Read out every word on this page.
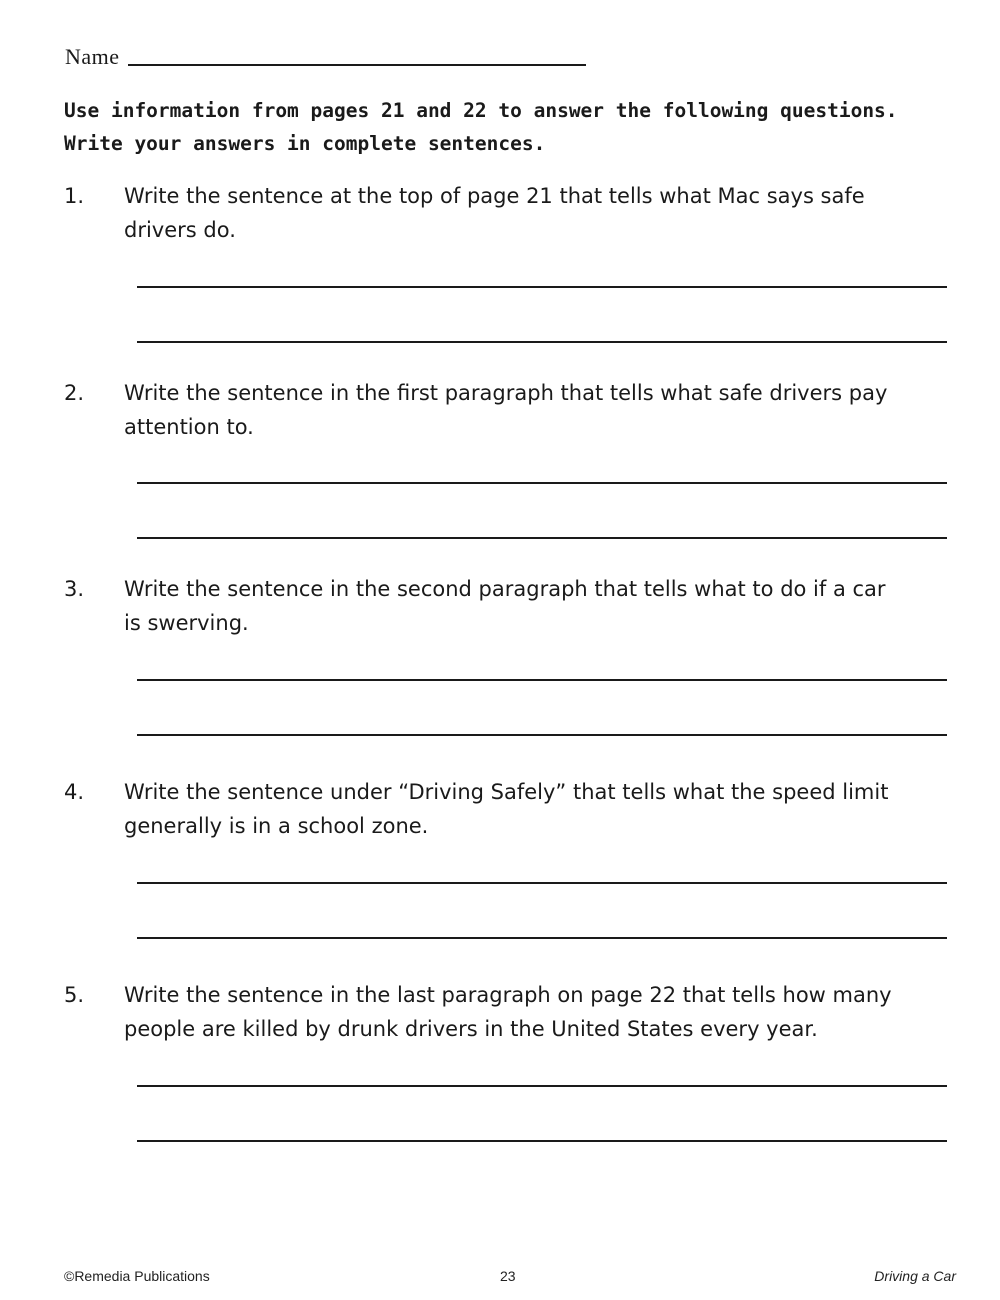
Name
Use information from pages 21 and 22 to answer the following questions.
Write your answers in complete sentences.
1. Write the sentence at the top of page 21 that tells what Mac says safe
drivers do.
2. Write the sentence in the first paragraph that tells what safe drivers pay
attention to.
3. Write the sentence in the second paragraph that tells what to do if a car
is swerving.
4. Write the sentence under “Driving Safely” that tells what the speed limit
generally is in a school zone.
5. Write the sentence in the last paragraph on page 22 that tells how many
people are killed by drunk drivers in the United States every year.
©Remedia Publications	23	Driving a Car
